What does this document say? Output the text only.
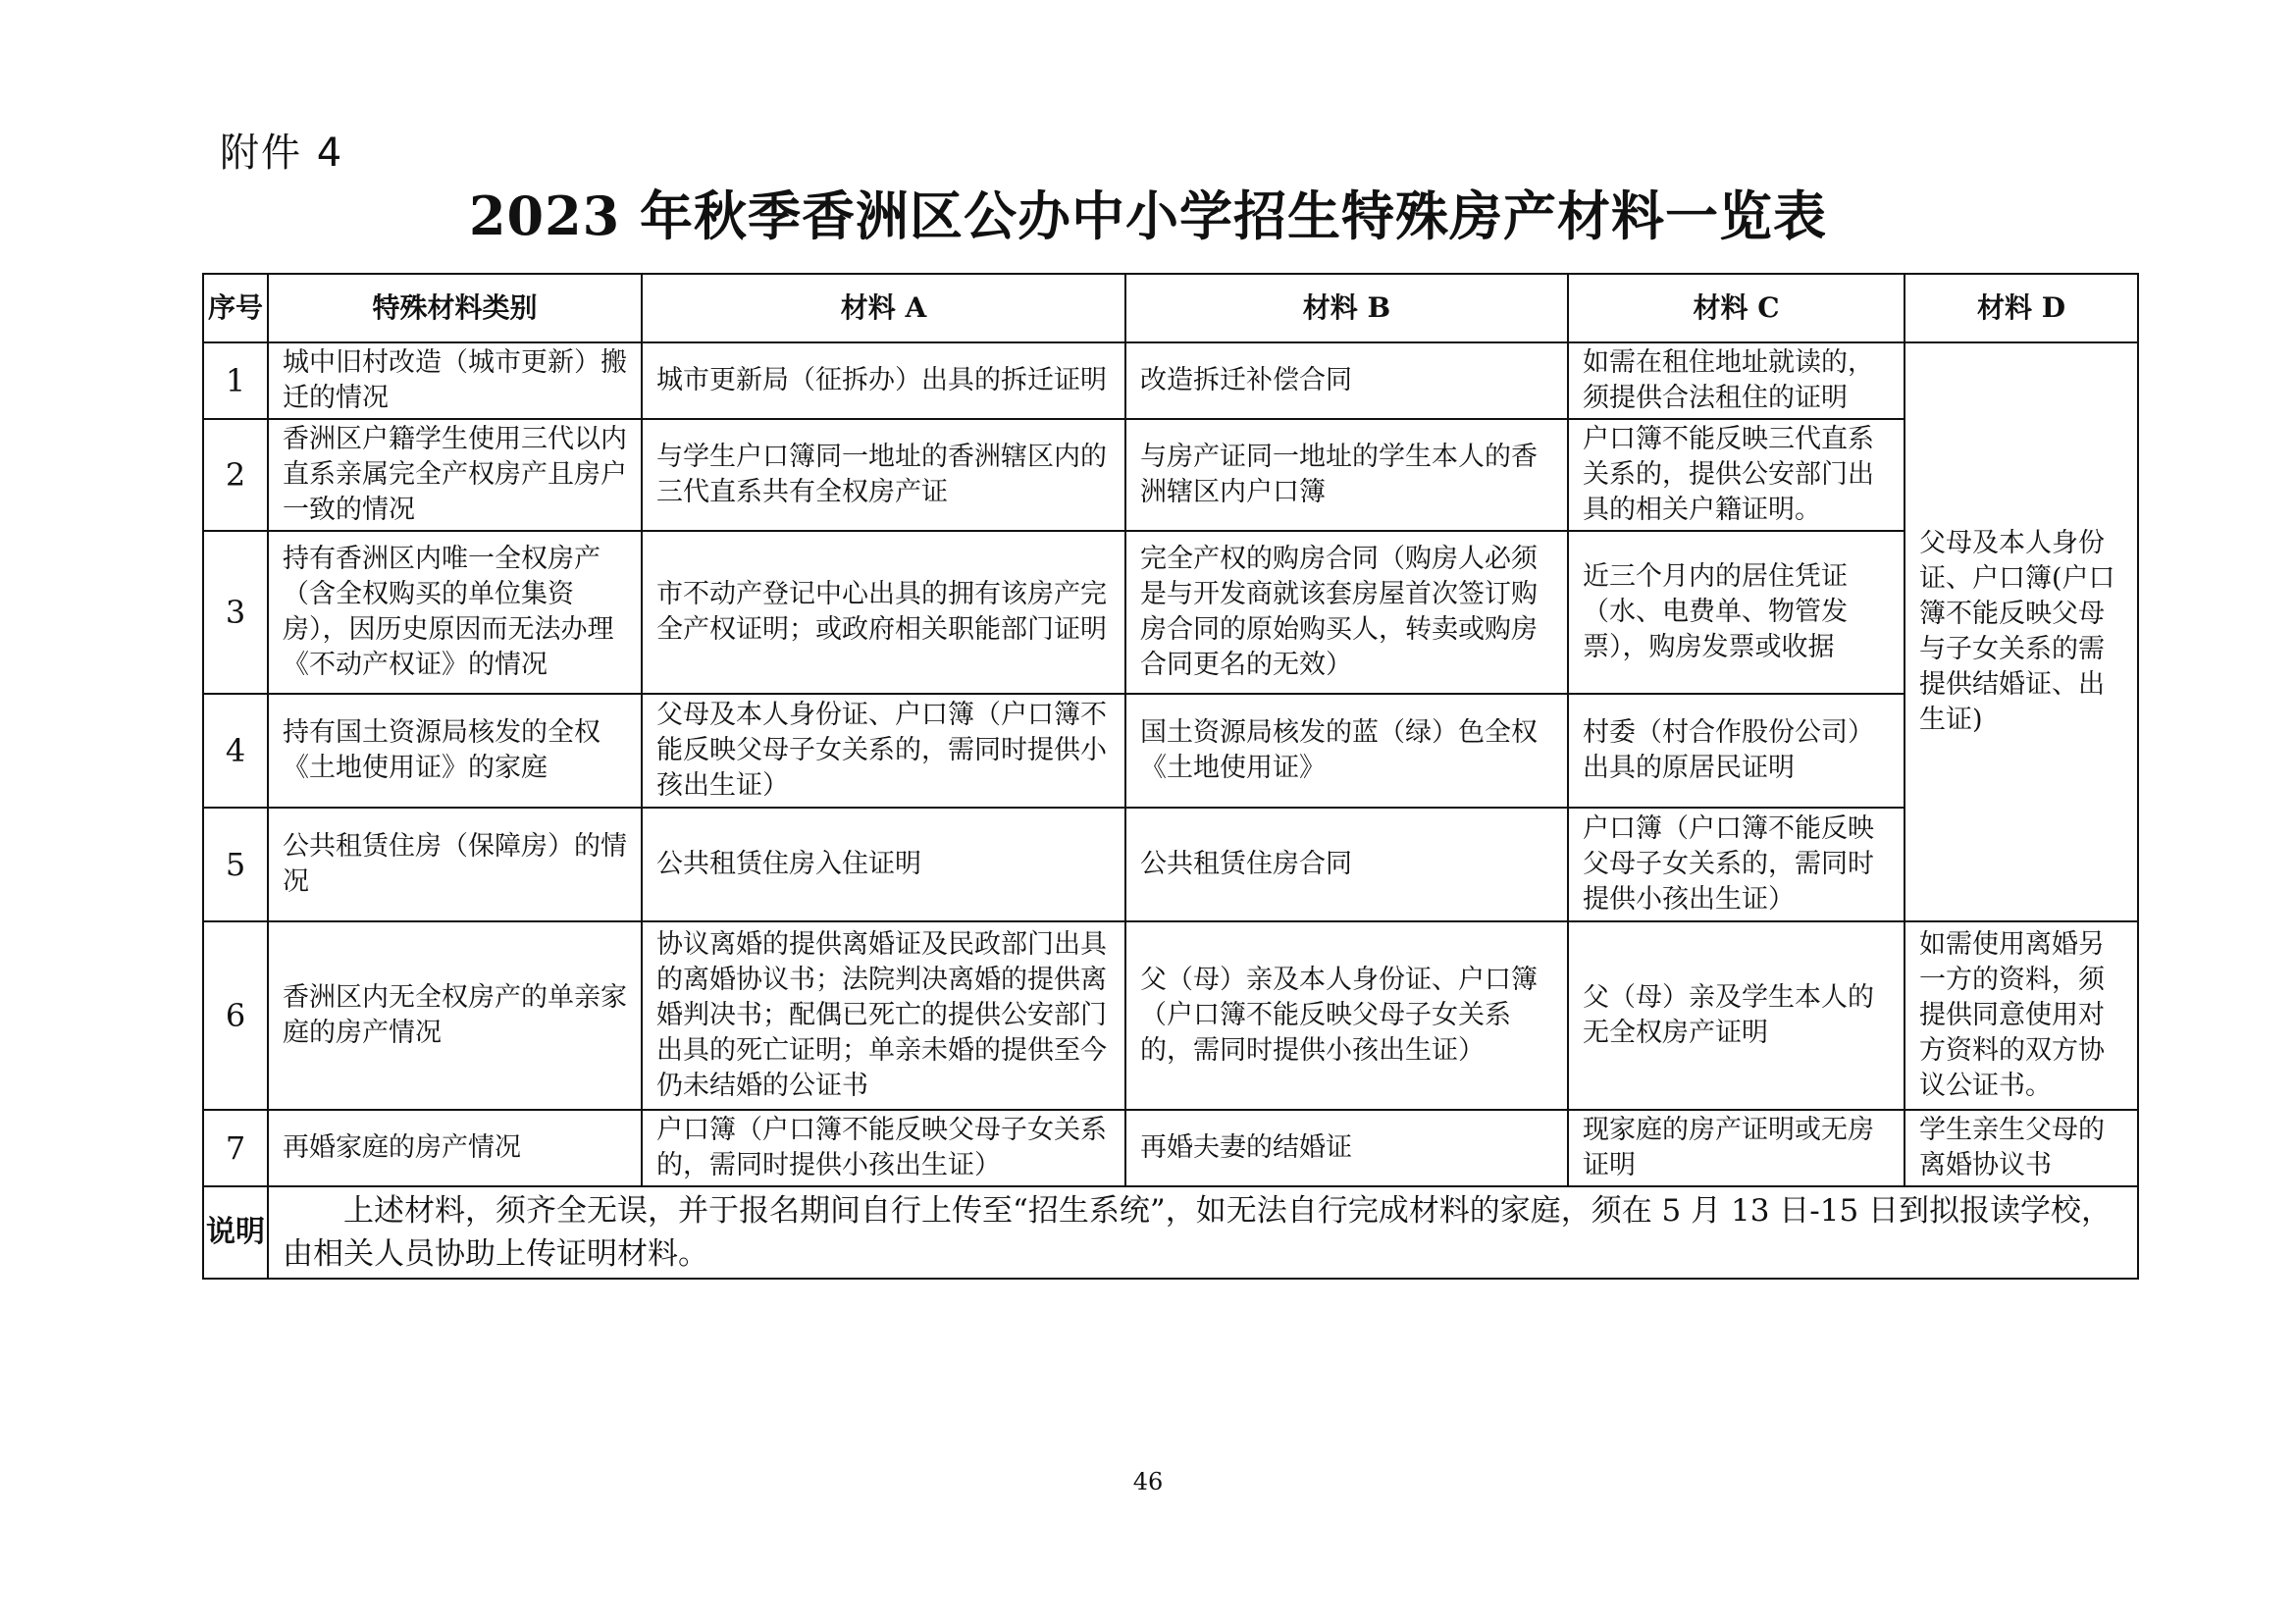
附件 4
2023 年秋季香洲区公办中小学招生特殊房产材料一览表
序号	特殊材料类别	材料 A	材料 B	材料 C	材料 D
1	城中旧村改造（城市更新）搬迁的情况	城市更新局（征拆办）出具的拆迁证明	改造拆迁补偿合同	如需在租住地址就读的，须提供合法租住的证明	父母及本人身份证、户口簿(户口簿不能反映父母与子女关系的需提供结婚证、出生证)
2	香洲区户籍学生使用三代以内直系亲属完全产权房产且房户一致的情况	与学生户口簿同一地址的香洲辖区内的三代直系共有全权房产证	与房产证同一地址的学生本人的香洲辖区内户口簿	户口簿不能反映三代直系关系的，提供公安部门出具的相关户籍证明。	
3	持有香洲区内唯一全权房产（含全权购买的单位集资房），因历史原因而无法办理《不动产权证》的情况	市不动产登记中心出具的拥有该房产完全产权证明；或政府相关职能部门证明	完全产权的购房合同（购房人必须是与开发商就该套房屋首次签订购房合同的原始购买人，转卖或购房合同更名的无效）	近三个月内的居住凭证（水、电费单、物管发票），购房发票或收据	
4	持有国土资源局核发的全权《土地使用证》的家庭	父母及本人身份证、户口簿（户口簿不能反映父母子女关系的，需同时提供小孩出生证）	国土资源局核发的蓝（绿）色全权《土地使用证》	村委（村合作股份公司）出具的原居民证明	
5	公共租赁住房（保障房）的情况	公共租赁住房入住证明	公共租赁住房合同	户口簿（户口簿不能反映父母子女关系的，需同时提供小孩出生证）	
6	香洲区内无全权房产的单亲家庭的房产情况	协议离婚的提供离婚证及民政部门出具的离婚协议书；法院判决离婚的提供离婚判决书；配偶已死亡的提供公安部门出具的死亡证明；单亲未婚的提供至今仍未结婚的公证书	父（母）亲及本人身份证、户口簿（户口簿不能反映父母子女关系的，需同时提供小孩出生证）	父（母）亲及学生本人的无全权房产证明	如需使用离婚另一方的资料，须提供同意使用对方资料的双方协议公证书。
7	再婚家庭的房产情况	户口簿（户口簿不能反映父母子女关系的，需同时提供小孩出生证）	再婚夫妻的结婚证	现家庭的房产证明或无房证明	学生亲生父母的离婚协议书
说明	上述材料，须齐全无误，并于报名期间自行上传至“招生系统”，如无法自行完成材料的家庭，须在 5 月 13 日-15 日到拟报读学校，由相关人员协助上传证明材料。				
46
